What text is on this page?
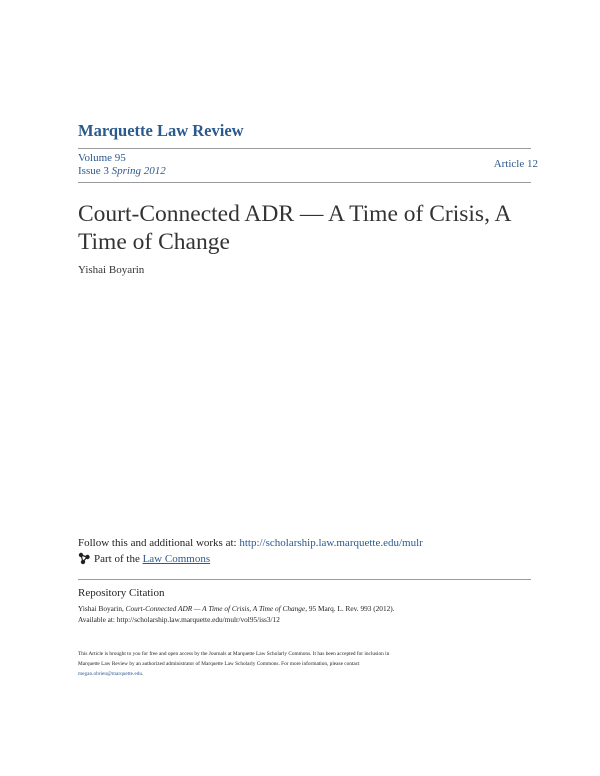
Marquette Law Review
Volume 95
Issue 3 Spring 2012
Article 12
Court-Connected ADR — A Time of Crisis, A Time of Change
Yishai Boyarin
Follow this and additional works at: http://scholarship.law.marquette.edu/mulr
Part of the
Law Commons
Repository Citation
Yishai Boyarin, Court-Connected ADR — A Time of Crisis, A Time of Change, 95 Marq. L. Rev. 993 (2012).
Available at: http://scholarship.law.marquette.edu/mulr/vol95/iss3/12
This Article is brought to you for free and open access by the Journals at Marquette Law Scholarly Commons. It has been accepted for inclusion in
Marquette Law Review by an authorized administrator of Marquette Law Scholarly Commons. For more information, please contact
megan.obrien@marquette.edu.
